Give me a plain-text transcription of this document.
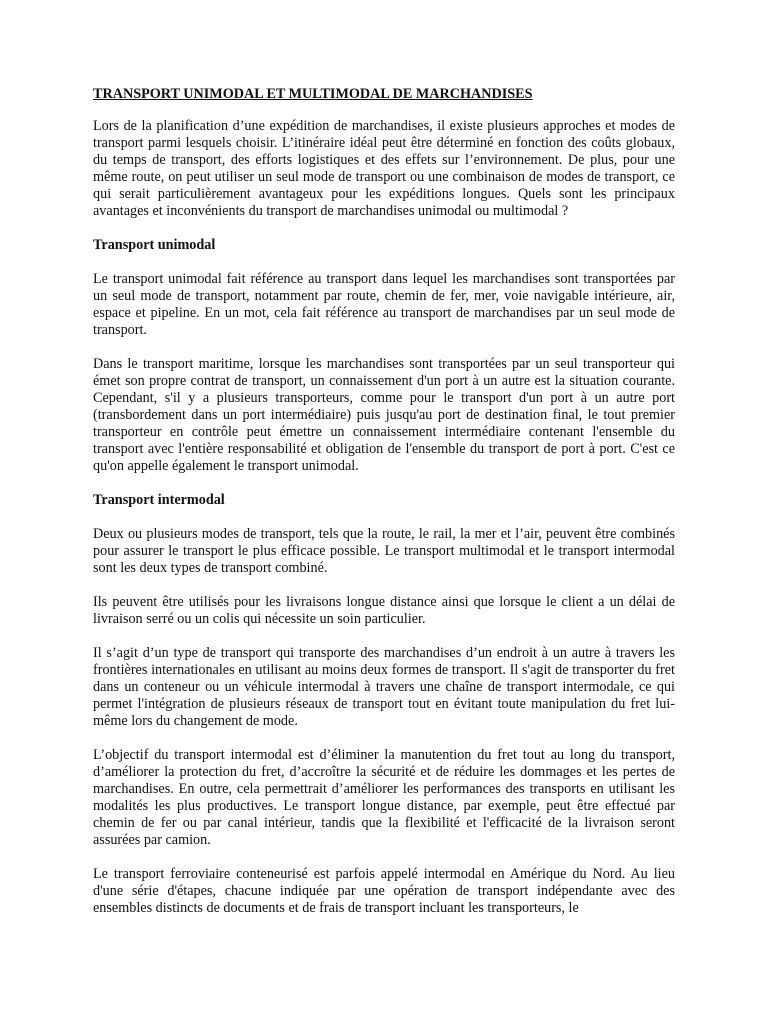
TRANSPORT UNIMODAL ET MULTIMODAL DE MARCHANDISES

Lors de la planification d’une expédition de marchandises, il existe plusieurs approches et modes de transport parmi lesquels choisir. L’itinéraire idéal peut être déterminé en fonction des coûts globaux, du temps de transport, des efforts logistiques et des effets sur l’environnement. De plus, pour une même route, on peut utiliser un seul mode de transport ou une combinaison de modes de transport, ce qui serait particulièrement avantageux pour les expéditions longues. Quels sont les principaux avantages et inconvénients du transport de marchandises unimodal ou multimodal ?

Transport unimodal

Le transport unimodal fait référence au transport dans lequel les marchandises sont transportées par un seul mode de transport, notamment par route, chemin de fer, mer, voie navigable intérieure, air, espace et pipeline. En un mot, cela fait référence au transport de marchandises par un seul mode de transport.

Dans le transport maritime, lorsque les marchandises sont transportées par un seul transporteur qui émet son propre contrat de transport, un connaissement d'un port à un autre est la situation courante. Cependant, s'il y a plusieurs transporteurs, comme pour le transport d'un port à un autre port (transbordement dans un port intermédiaire) puis jusqu'au port de destination final, le tout premier transporteur en contrôle peut émettre un connaissement intermédiaire contenant l'ensemble du transport avec l'entière responsabilité et obligation de l'ensemble du transport de port à port. C'est ce qu'on appelle également le transport unimodal.

Transport intermodal

Deux ou plusieurs modes de transport, tels que la route, le rail, la mer et l’air, peuvent être combinés pour assurer le transport le plus efficace possible. Le transport multimodal et le transport intermodal sont les deux types de transport combiné.

Ils peuvent être utilisés pour les livraisons longue distance ainsi que lorsque le client a un délai de livraison serré ou un colis qui nécessite un soin particulier.

Il s’agit d’un type de transport qui transporte des marchandises d’un endroit à un autre à travers les frontières internationales en utilisant au moins deux formes de transport. Il s'agit de transporter du fret dans un conteneur ou un véhicule intermodal à travers une chaîne de transport intermodale, ce qui permet l'intégration de plusieurs réseaux de transport tout en évitant toute manipulation du fret lui-même lors du changement de mode.

L’objectif du transport intermodal est d’éliminer la manutention du fret tout au long du transport, d’améliorer la protection du fret, d’accroître la sécurité et de réduire les dommages et les pertes de marchandises. En outre, cela permettrait d’améliorer les performances des transports en utilisant les modalités les plus productives. Le transport longue distance, par exemple, peut être effectué par chemin de fer ou par canal intérieur, tandis que la flexibilité et l'efficacité de la livraison seront assurées par camion.

Le transport ferroviaire conteneurisé est parfois appelé intermodal en Amérique du Nord. Au lieu d'une série d'étapes, chacune indiquée par une opération de transport indépendante avec des ensembles distincts de documents et de frais de transport incluant les transporteurs, le
